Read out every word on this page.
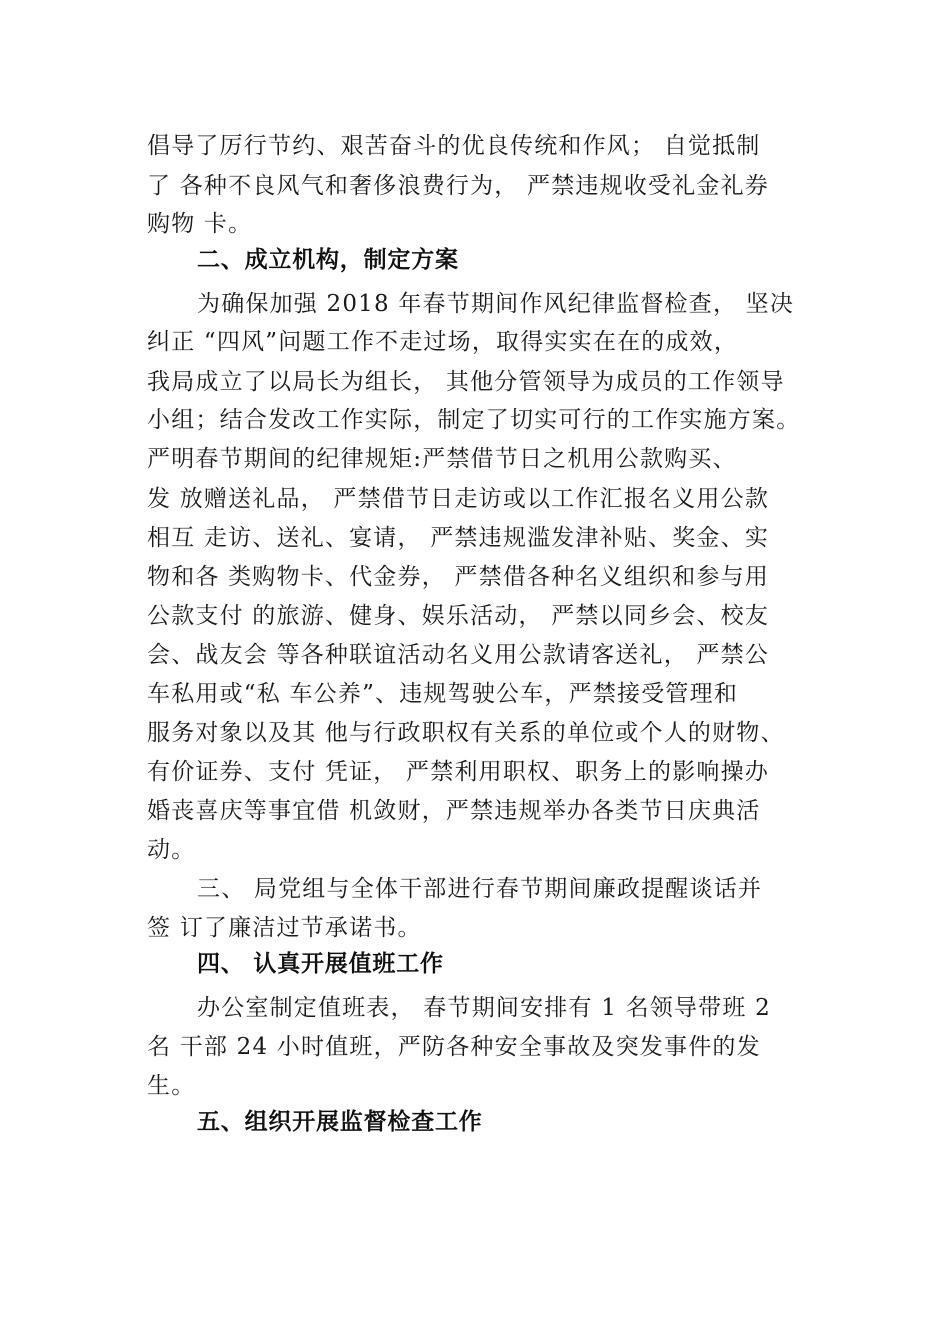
倡导了厉行节约、艰苦奋斗的优良传统和作风； 自觉抵制
了 各种不良风气和奢侈浪费行为， 严禁违规收受礼金礼券
购物 卡。
二、成立机构，制定方案
为确保加强 2018 年春节期间作风纪律监督检查， 坚决
纠正 “四风”问题工作不走过场，取得实实在在的成效，
我局成立了以局长为组长， 其他分管领导为成员的工作领导
小组；结合发改工作实际，制定了切实可行的工作实施方案。
严明春节期间的纪律规矩:严禁借节日之机用公款购买、
发 放赠送礼品， 严禁借节日走访或以工作汇报名义用公款
相互 走访、送礼、宴请， 严禁违规滥发津补贴、奖金、实
物和各 类购物卡、代金券， 严禁借各种名义组织和参与用
公款支付 的旅游、健身、娱乐活动， 严禁以同乡会、校友
会、战友会 等各种联谊活动名义用公款请客送礼， 严禁公
车私用或“私 车公养”、违规驾驶公车，严禁接受管理和
服务对象以及其 他与行政职权有关系的单位或个人的财物、
有价证券、支付 凭证， 严禁利用职权、职务上的影响操办
婚丧喜庆等事宜借 机敛财，严禁违规举办各类节日庆典活
动。
三、 局党组与全体干部进行春节期间廉政提醒谈话并
签 订了廉洁过节承诺书。
四、 认真开展值班工作
办公室制定值班表， 春节期间安排有 1 名领导带班 2
名 干部 24 小时值班，严防各种安全事故及突发事件的发
生。
五、组织开展监督检查工作
